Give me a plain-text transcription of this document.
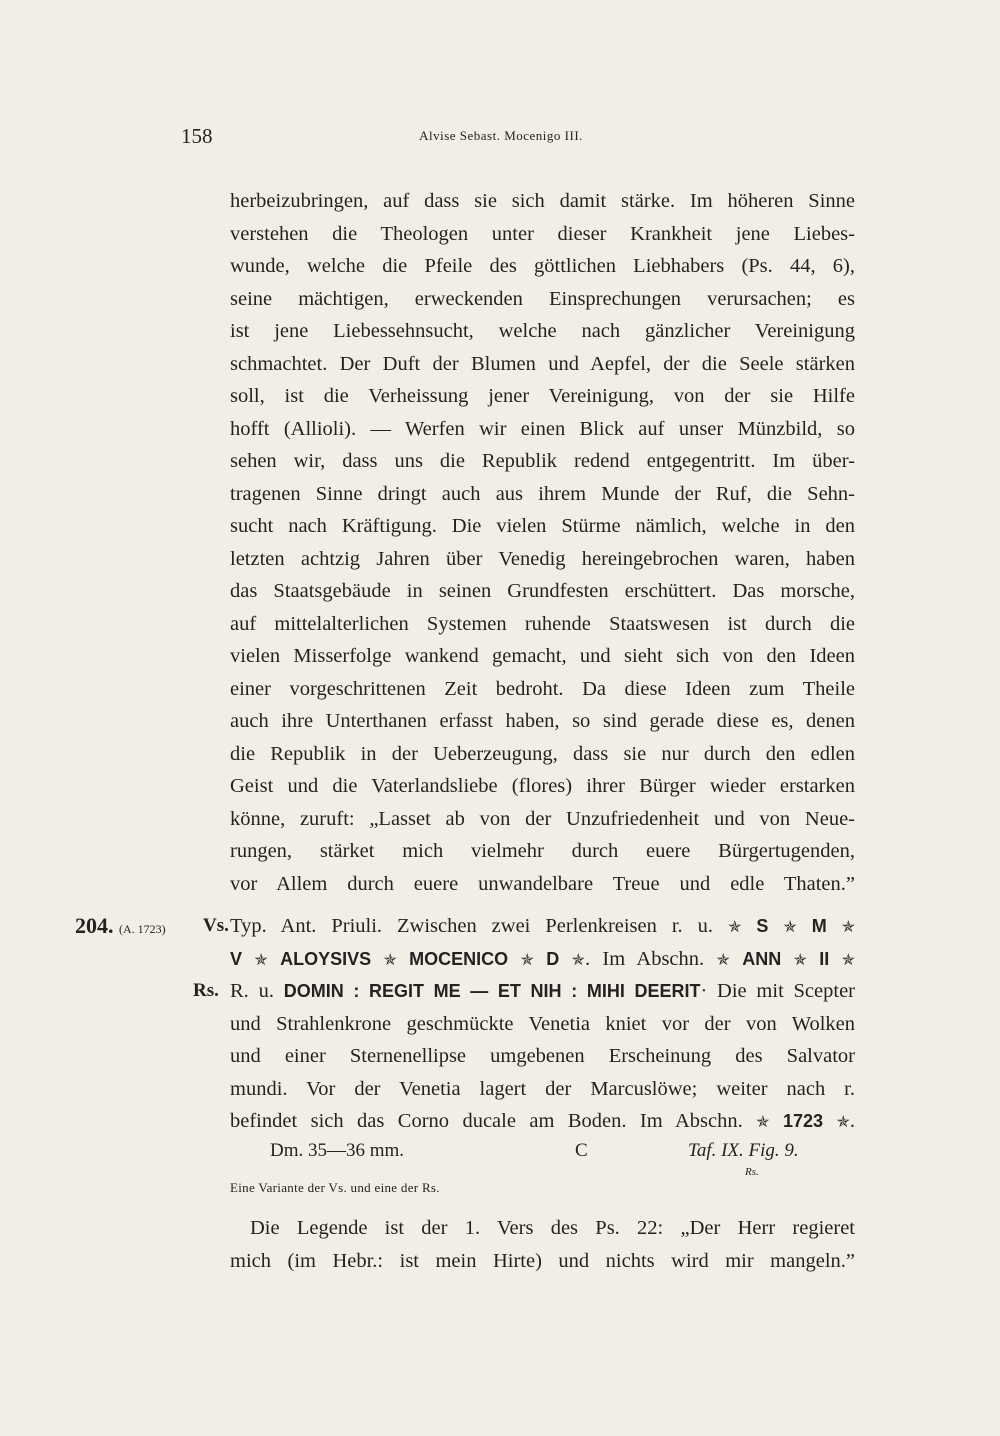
158	Alvise Sebast. Mocenigo III.
herbeizubringen, auf dass sie sich damit stärke. Im höheren Sinne
verstehen die Theologen unter dieser Krankheit jene Liebes-
wunde, welche die Pfeile des göttlichen Liebhabers (Ps. 44, 6),
seine mächtigen, erweckenden Einsprechungen verursachen; es
ist jene Liebessehnsucht, welche nach gänzlicher Vereinigung
schmachtet. Der Duft der Blumen und Aepfel, der die Seele stärken
soll, ist die Verheissung jener Vereinigung, von der sie Hilfe
hofft (Allioli). — Werfen wir einen Blick auf unser Münzbild, so
sehen wir, dass uns die Republik redend entgegentritt. Im über-
tragenen Sinne dringt auch aus ihrem Munde der Ruf, die Sehn-
sucht nach Kräftigung. Die vielen Stürme nämlich, welche in den
letzten achtzig Jahren über Venedig hereingebrochen waren, haben
das Staatsgebäude in seinen Grundfesten erschüttert. Das morsche,
auf mittelalterlichen Systemen ruhende Staatswesen ist durch die
vielen Misserfolge wankend gemacht, und sieht sich von den Ideen
einer vorgeschrittenen Zeit bedroht. Da diese Ideen zum Theile
auch ihre Unterthanen erfasst haben, so sind gerade diese es, denen
die Republik in der Ueberzeugung, dass sie nur durch den edlen
Geist und die Vaterlandsliebe (flores) ihrer Bürger wieder erstarken
könne, zuruft: „Lasset ab von der Unzufriedenheit und von Neue-
rungen, stärket mich vielmehr durch euere Bürgertugenden,
vor Allem durch euere unwandelbare Treue und edle Thaten.”
204. (A. 1723) Vs. Typ. Ant. Priuli. Zwischen zwei Perlenkreisen r. u. ✯ S ✯ M ✯
V ✯ ALOYSIVS ✯ MOCENICO ✯ D ✯. Im Abschn. ✯ ANN ✯ II ✯
Rs. R. u. DOMIN : REGIT ME — ET NIH : MIHI DEERIT· Die mit Scepter
und Strahlenkrone geschmückte Venetia kniet vor der von Wolken
und einer Sternenellipse umgebenen Erscheinung des Salvator
mundi. Vor der Venetia lagert der Marcuslöwe; weiter nach r.
befindet sich das Corno ducale am Boden. Im Abschn. ✯ 1723 ✯.
Dm. 35—36 mm.	C	Taf. IX. Fig. 9.
Rs.
Eine Variante der Vs. und eine der Rs.
Die Legende ist der 1. Vers des Ps. 22: „Der Herr regieret
mich (im Hebr.: ist mein Hirte) und nichts wird mir mangeln.”
